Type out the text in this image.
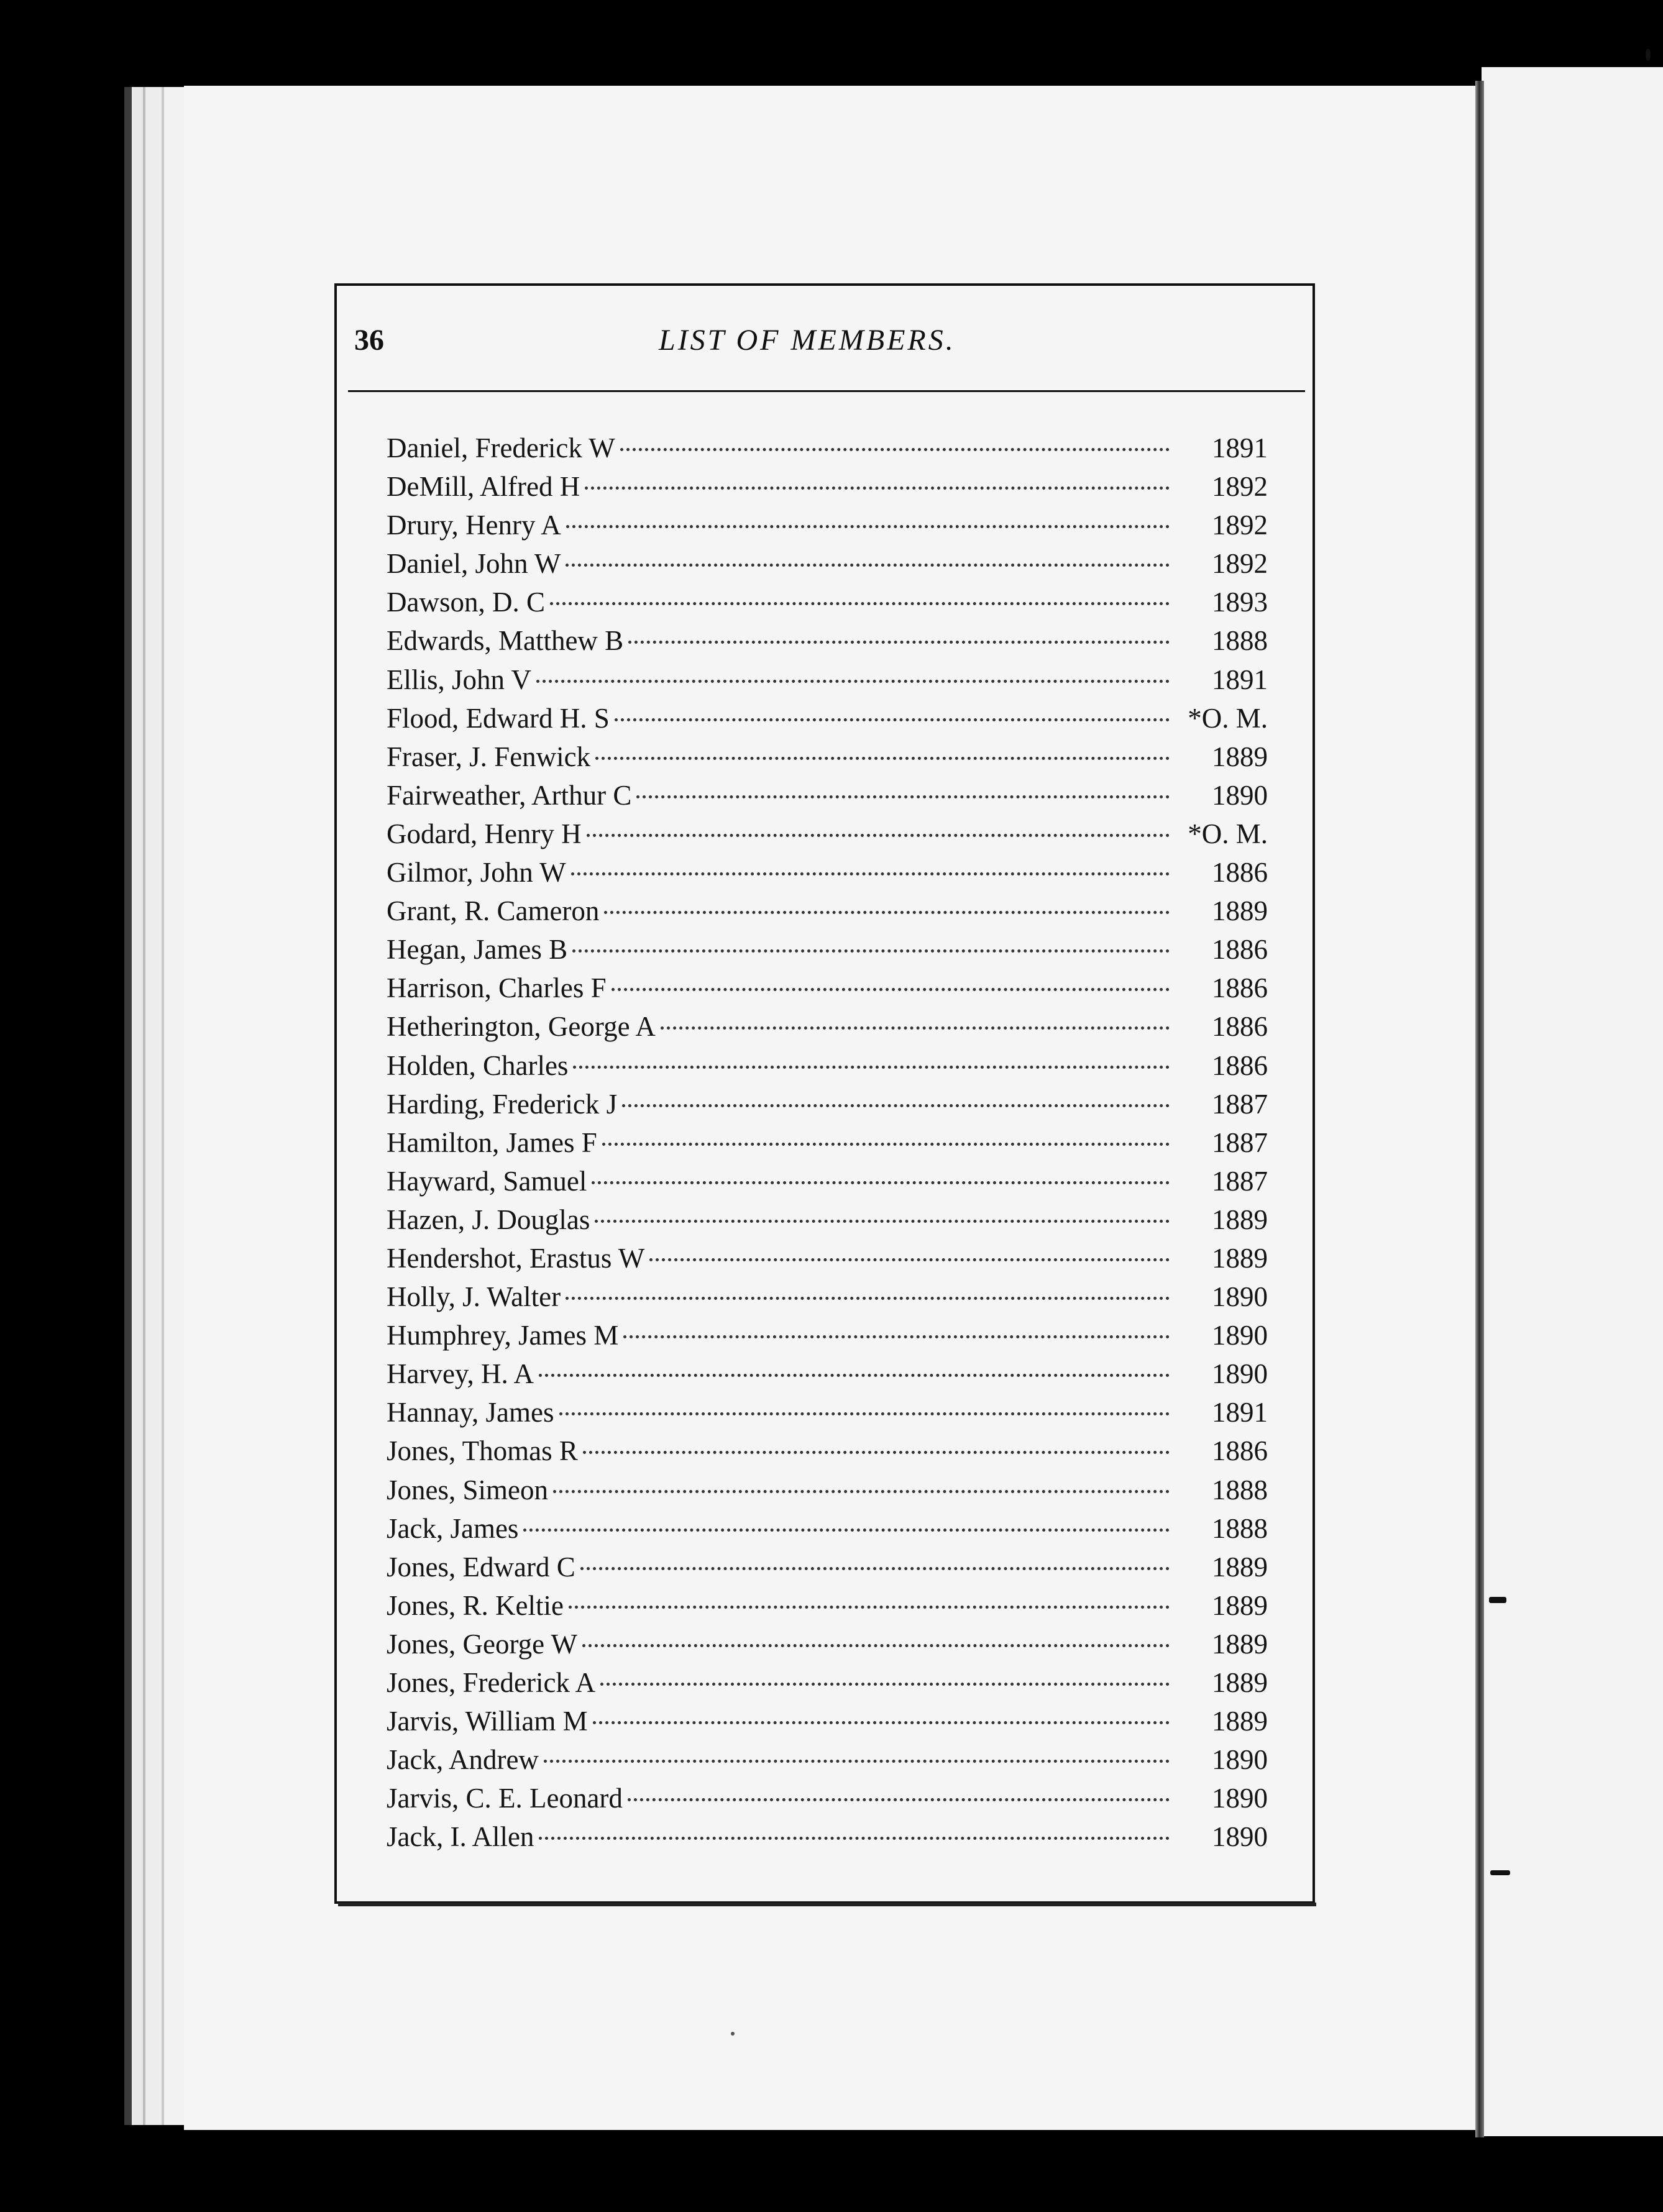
36	LIST OF MEMBERS.
Daniel, Frederick W	1891
DeMill, Alfred H	1892
Drury, Henry A	1892
Daniel, John W	1892
Dawson, D. C	1893
Edwards, Matthew B	1888
Ellis, John V	1891
Flood, Edward H. S	*O. M.
Fraser, J. Fenwick	1889
Fairweather, Arthur C	1890
Godard, Henry H	*O. M.
Gilmor, John W	1886
Grant, R. Cameron	1889
Hegan, James B	1886
Harrison, Charles F	1886
Hetherington, George A	1886
Holden, Charles	1886
Harding, Frederick J	1887
Hamilton, James F	1887
Hayward, Samuel	1887
Hazen, J. Douglas	1889
Hendershot, Erastus W	1889
Holly, J. Walter	1890
Humphrey, James M	1890
Harvey, H. A	1890
Hannay, James	1891
Jones, Thomas R	1886
Jones, Simeon	1888
Jack, James	1888
Jones, Edward C	1889
Jones, R. Keltie	1889
Jones, George W	1889
Jones, Frederick A	1889
Jarvis, William M	1889
Jack, Andrew	1890
Jarvis, C. E. Leonard	1890
Jack, I. Allen	1890
